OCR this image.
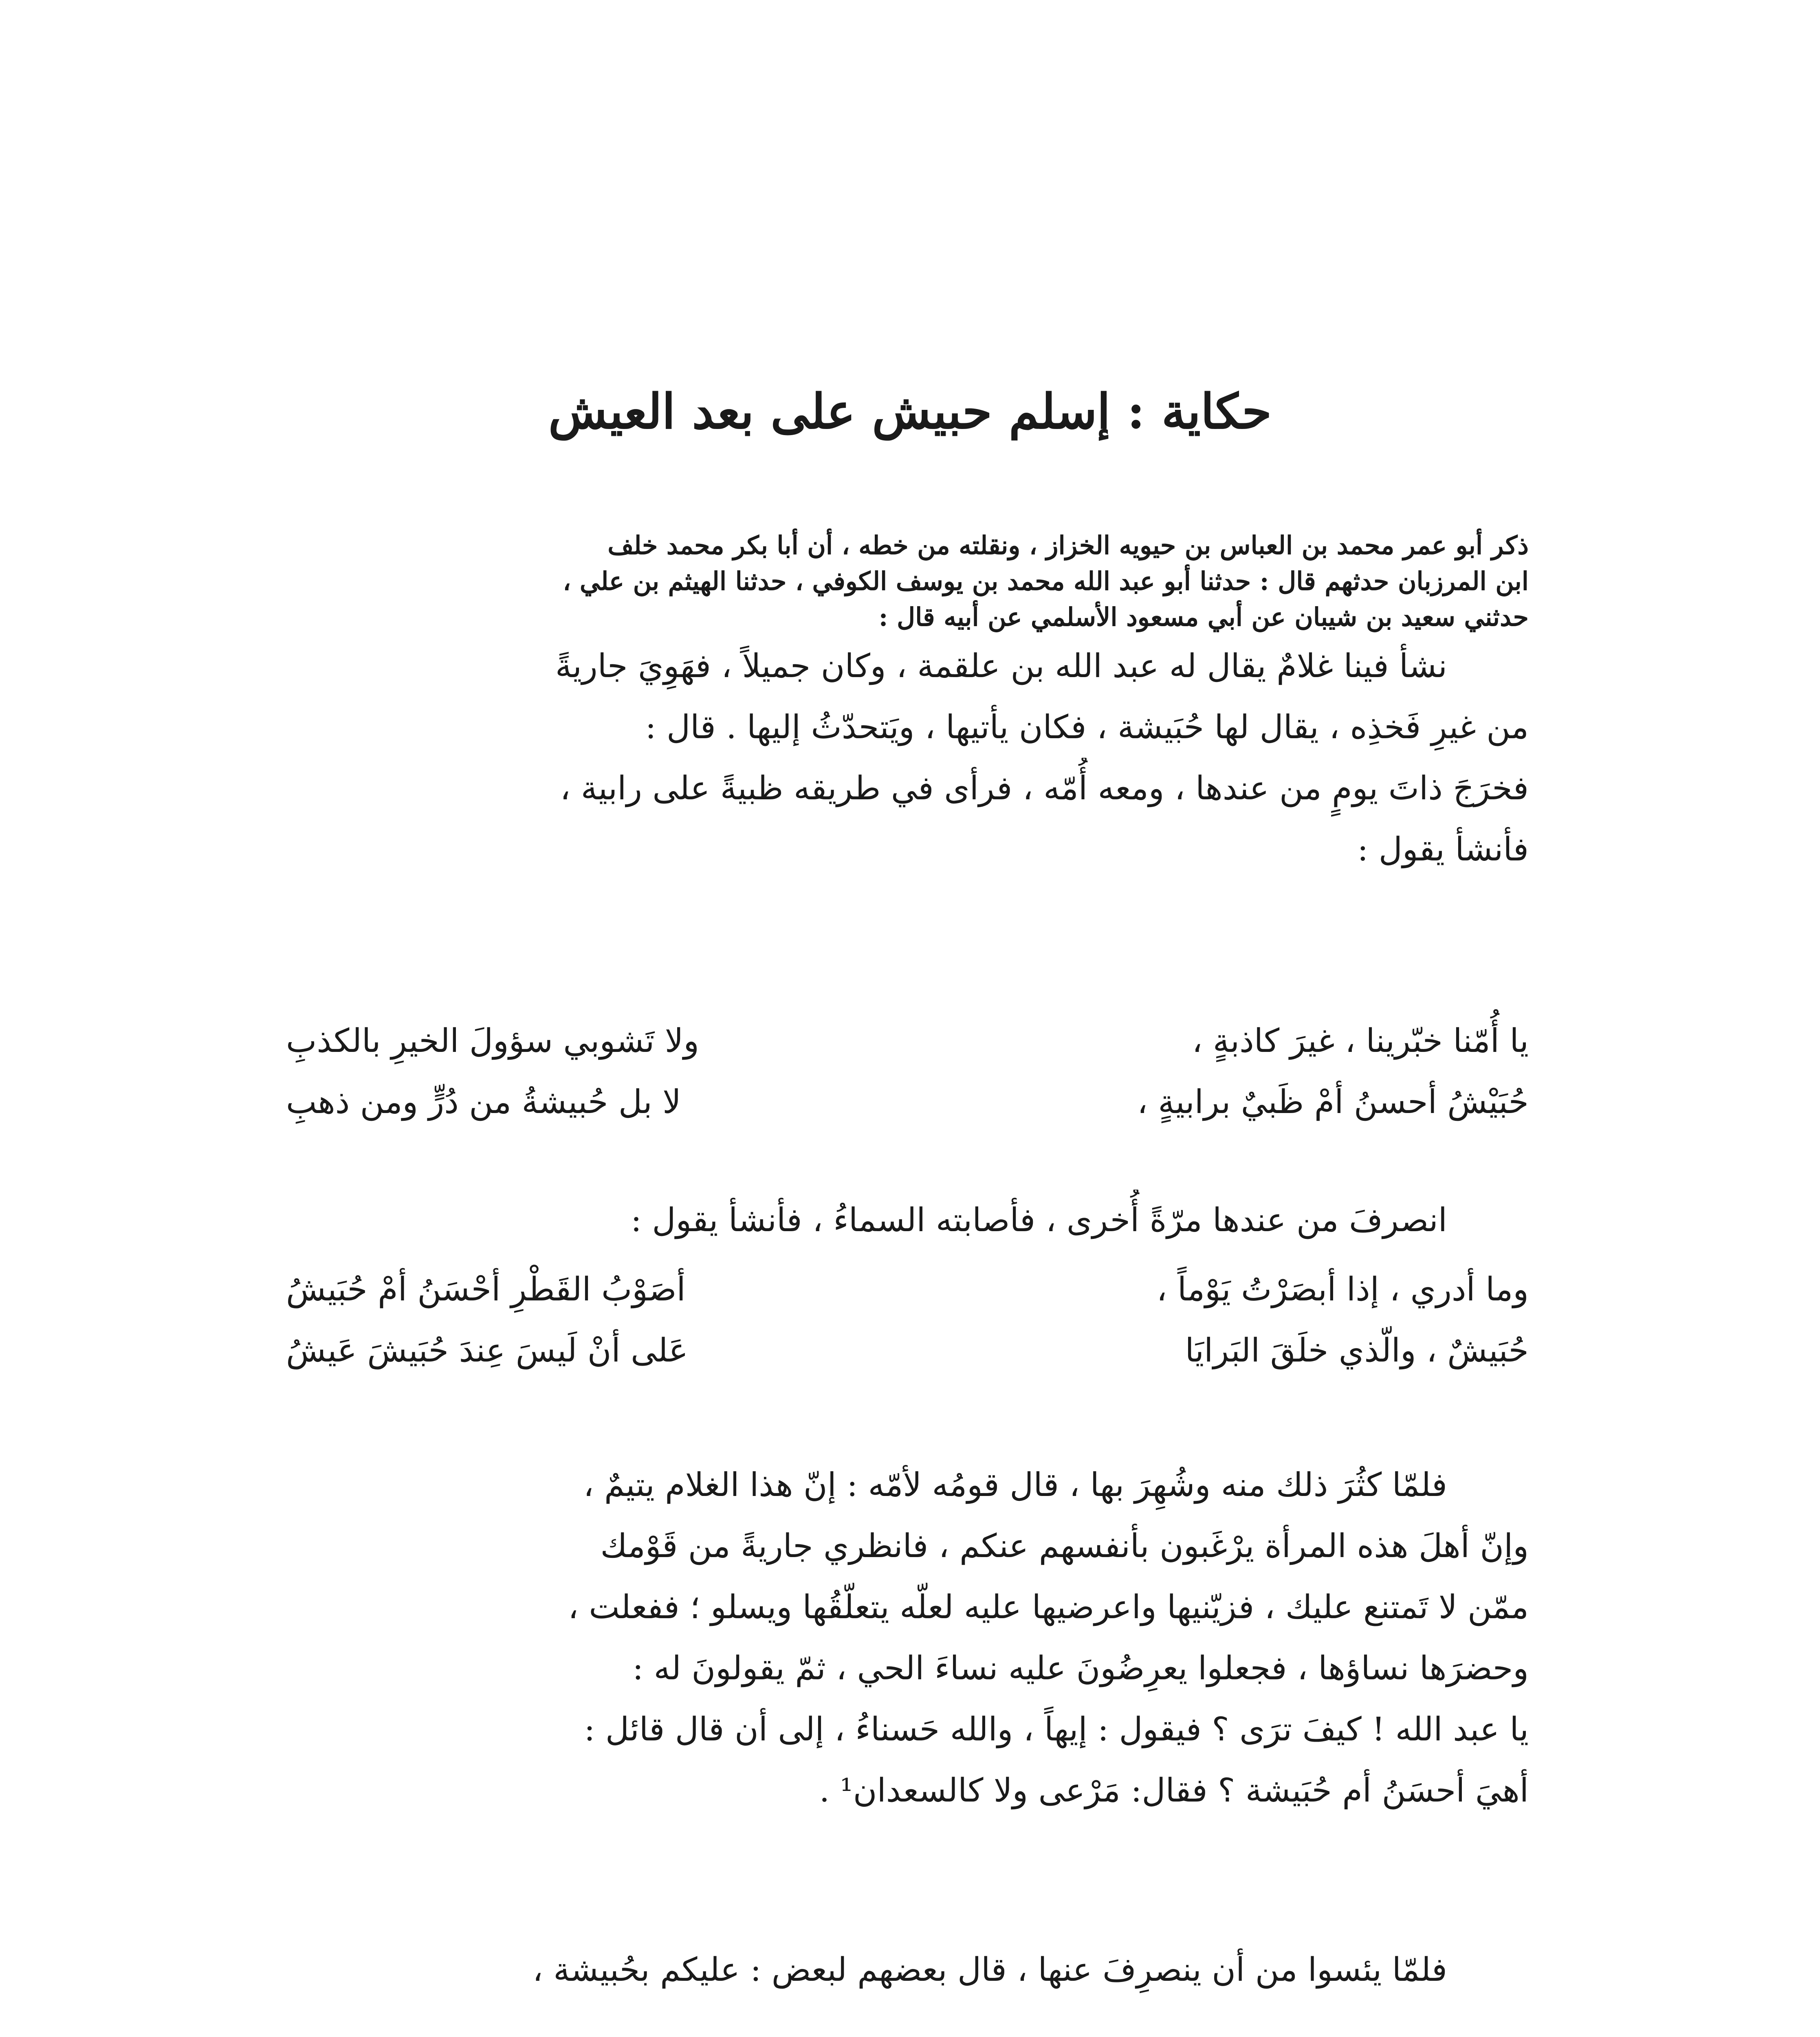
حكاية : إسلم حبيش على بعد العيش
ذكر أبو عمر محمد بن العباس بن حيويه الخزاز ، ونقلته من خطه ، أن أبا بكر محمد خلف
ابن المرزبان حدثهم قال : حدثنا أبو عبد الله محمد بن يوسف الكوفي ، حدثنا الهيثم بن علي ،
حدثني سعيد بن شيبان عن أبي مسعود الأسلمي عن أبيه قال :
نشأ فينا غلامٌ يقال له عبد الله بن علقمة ، وكان جميلاً ، فهَوِيَ جاريةً
من غيرِ فَخذِه ، يقال لها حُبَيشة ، فكان يأتيها ، ويَتحدّثُ إليها . قال :
فخرَجَ ذاتَ يومٍ من عندها ، ومعه أُمّه ، فرأى في طريقه ظبيةً على رابية ،
فأنشأ يقول :
يا أُمّنا خبّرينا ، غيرَ كاذبةٍ ،
ولا تَشوبي سؤولَ الخيرِ بالكذبِ
حُبَيْشُ أحسنُ أمْ ظَبيٌ برابيةٍ ،
لا بل حُبيشةُ من دُرٍّ ومن ذهبِ
انصرفَ من عندها مرّةً أُخرى ، فأصابته السماءُ ، فأنشأ يقول :
وما أدري ، إذا أبصَرْتُ يَوْماً ،
أصَوْبُ القَطْرِ أحْسَنُ أمْ حُبَيشُ
حُبَيشٌ ، والّذي خلَقَ البَرايَا
عَلى أنْ لَيسَ عِندَ حُبَيشَ عَيشُ
فلمّا كثُرَ ذلك منه وشُهِرَ بها ، قال قومُه لأمّه : إنّ هذا الغلام يتيمٌ ،
وإنّ أهلَ هذه المرأة يرْغَبون بأنفسهم عنكم ، فانظري جاريةً من قَوْمك
ممّن لا تَمتنع عليك ، فزيّنيها واعرضيها عليه لعلّه يتعلّقُها ويسلو ؛ ففعلت ،
وحضرَها نساؤها ، فجعلوا يعرِضُونَ عليه نساءَ الحي ، ثمّ يقولونَ له :
يا عبد الله ! كيفَ ترَى ؟ فيقول : إيهاً ، والله حَسناءُ ، إلى أن قال قائل :
أهيَ أحسَنُ أم حُبَيشة ؟ فقال: مَرْعى ولا كالسعدان¹ .
فلمّا يئسوا من أن ينصرِفَ عنها ، قال بعضهم لبعض : عليكم بحُبيشة ،
